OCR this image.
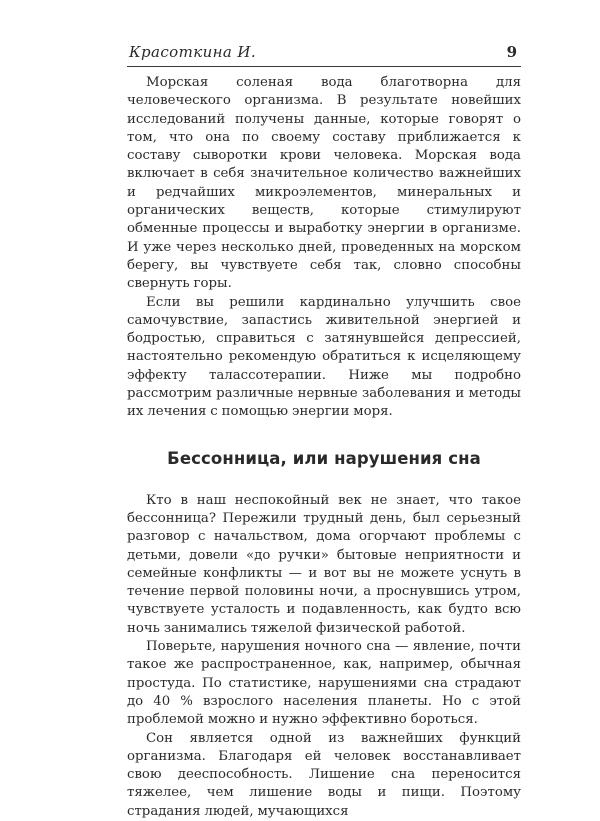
Красоткина И.	9

Морская соленая вода благотворна для человеческого организма. В результате новейших исследований получены данные, которые говорят о том, что она по своему составу приближается к составу сыворотки крови человека. Морская вода включает в себя значительное количество важнейших и редчайших микроэлементов, минеральных и органических веществ, которые стимулируют обменные процессы и выработку энергии в организме. И уже через несколько дней, проведенных на морском берегу, вы чувствуете себя так, словно способны свернуть горы.

Если вы решили кардинально улучшить свое самочувствие, запастись живительной энергией и бодростью, справиться с затянувшейся депрессией, настоятельно рекомендую обратиться к исцеляющему эффекту талассотерапии. Ниже мы подробно рассмотрим различные нервные заболевания и методы их лечения с помощью энергии моря.

Бессонница, или нарушения сна

Кто в наш неспокойный век не знает, что такое бессонница? Пережили трудный день, был серьезный разговор с начальством, дома огорчают проблемы с детьми, довели «до ручки» бытовые неприятности и семейные конфликты — и вот вы не можете уснуть в течение первой половины ночи, а проснувшись утром, чувствуете усталость и подавленность, как будто всю ночь занимались тяжелой физической работой.

Поверьте, нарушения ночного сна — явление, почти такое же распространенное, как, например, обычная простуда. По статистике, нарушениями сна страдают до 40 % взрослого населения планеты. Но с этой проблемой можно и нужно эффективно бороться.

Сон является одной из важнейших функций организма. Благодаря ей человек восстанавливает свою дееспособность. Лишение сна переносится тяжелее, чем лишение воды и пищи. Поэтому страдания людей, мучающихся
